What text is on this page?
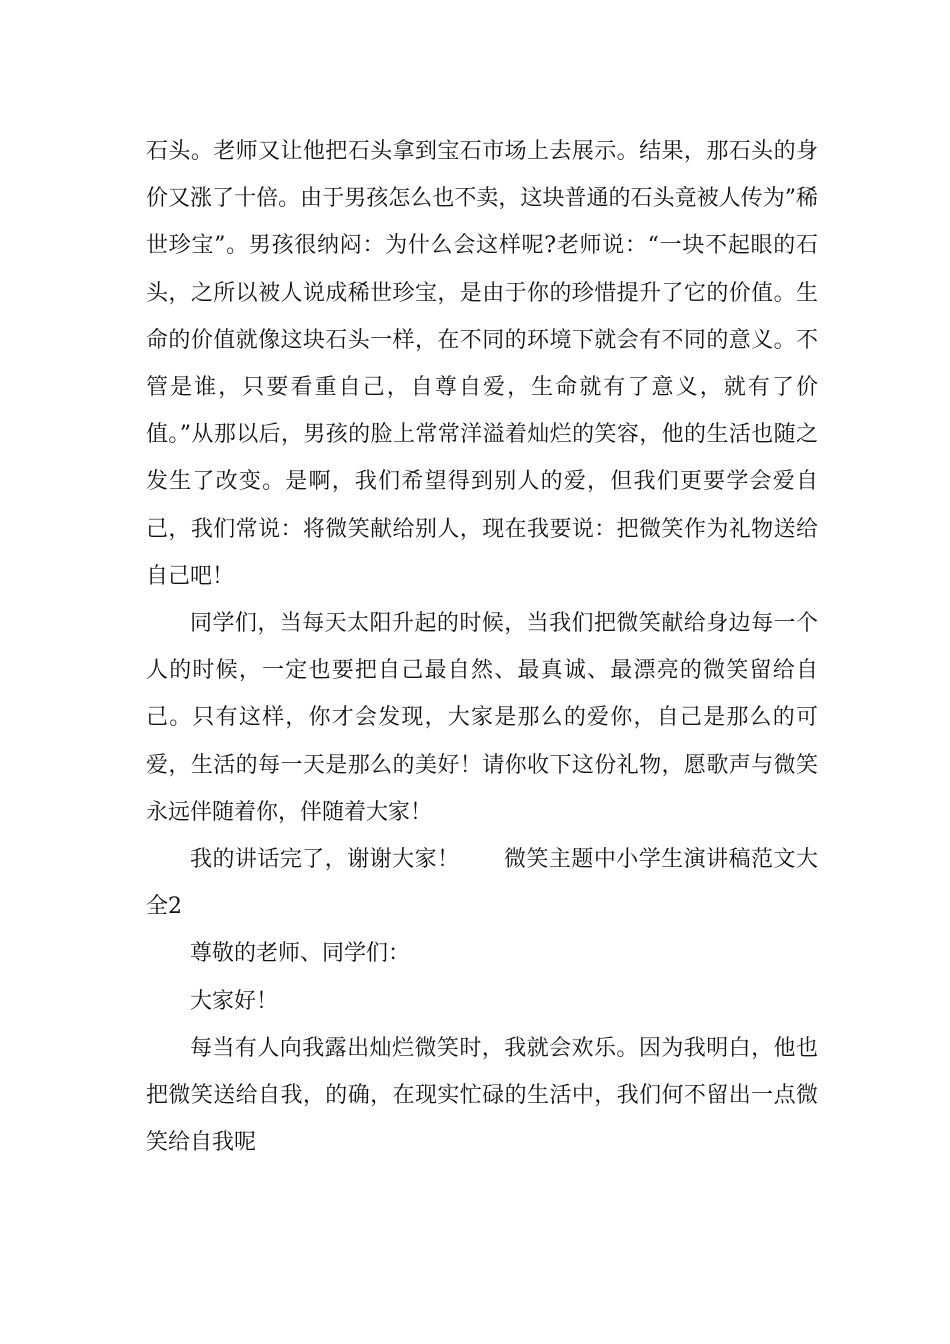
石头。老师又让他把石头拿到宝石市场上去展示。结果，那石头的身价又涨了十倍。由于男孩怎么也不卖，这块普通的石头竟被人传为”稀世珍宝”。男孩很纳闷：为什么会这样呢?老师说：“一块不起眼的石头，之所以被人说成稀世珍宝，是由于你的珍惜提升了它的价值。生命的价值就像这块石头一样，在不同的环境下就会有不同的意义。不管是谁，只要看重自己，自尊自爱，生命就有了意义，就有了价值。”从那以后，男孩的脸上常常洋溢着灿烂的笑容，他的生活也随之发生了改变。是啊，我们希望得到别人的爱，但我们更要学会爱自己，我们常说：将微笑献给别人，现在我要说：把微笑作为礼物送给自己吧！

同学们，当每天太阳升起的时候，当我们把微笑献给身边每一个人的时候，一定也要把自己最自然、最真诚、最漂亮的微笑留给自己。只有这样，你才会发现，大家是那么的爱你，自己是那么的可爱，生活的每一天是那么的美好！请你收下这份礼物，愿歌声与微笑永远伴随着你，伴随着大家！

我的讲话完了，谢谢大家！ 微笑主题中小学生演讲稿范文大全2

尊敬的老师、同学们：

大家好！

每当有人向我露出灿烂微笑时，我就会欢乐。因为我明白，他也把微笑送给自我，的确，在现实忙碌的生活中，我们何不留出一点微笑给自我呢
